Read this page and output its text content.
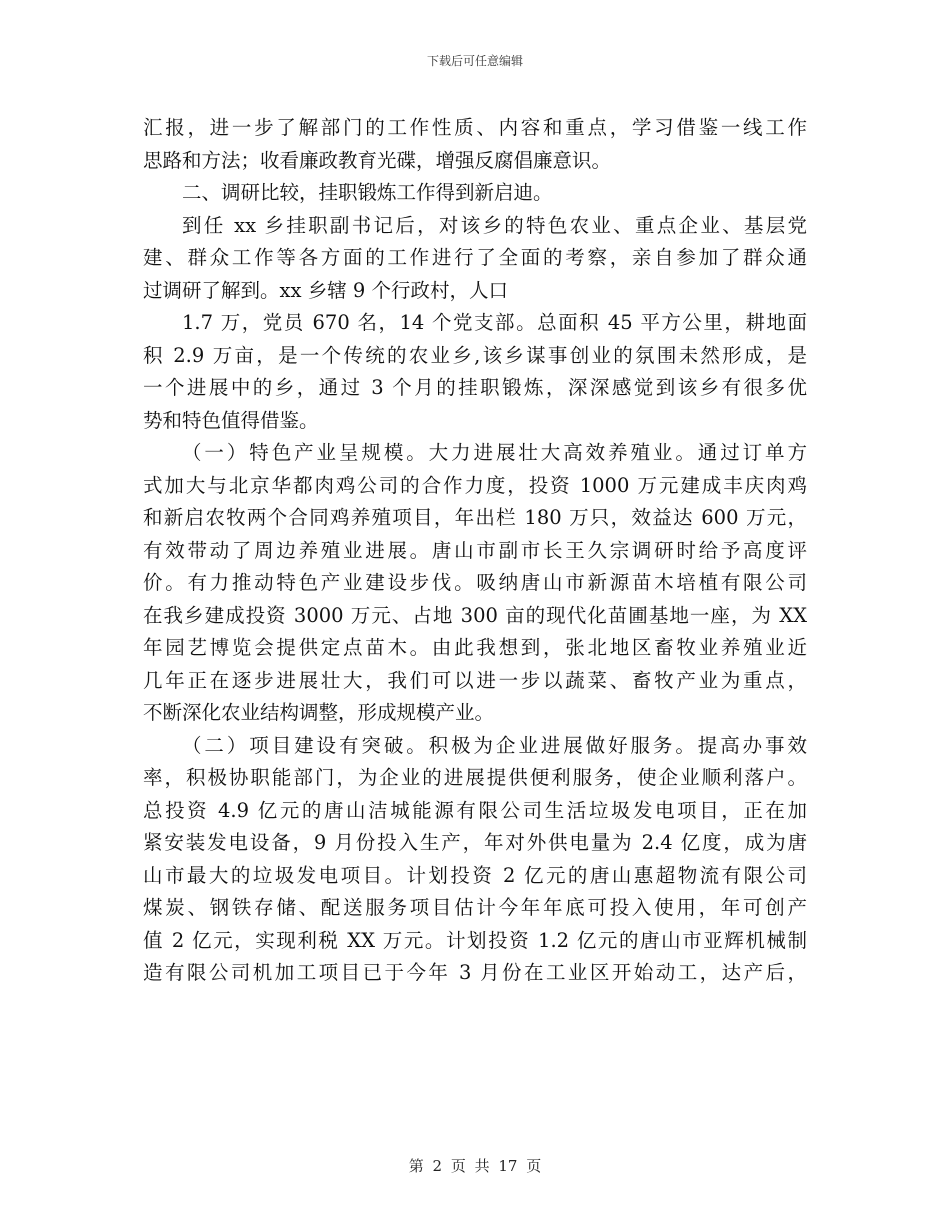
下载后可任意编辑
汇报，进一步了解部门的工作性质、内容和重点，学习借鉴一线工作
思路和方法；收看廉政教育光碟，增强反腐倡廉意识。
二、调研比较，挂职锻炼工作得到新启迪。
到任 xx 乡挂职副书记后，对该乡的特色农业、重点企业、基层党
建、群众工作等各方面的工作进行了全面的考察，亲自参加了群众通
过调研了解到。xx 乡辖 9 个行政村，人口
1.7 万，党员 670 名，14 个党支部。总面积 45 平方公里，耕地面
积 2.9 万亩，是一个传统的农业乡,该乡谋事创业的氛围未然形成，是
一个进展中的乡，通过 3 个月的挂职锻炼，深深感觉到该乡有很多优
势和特色值得借鉴。
（一）特色产业呈规模。大力进展壮大高效养殖业。通过订单方
式加大与北京华都肉鸡公司的合作力度，投资 1000 万元建成丰庆肉鸡
和新启农牧两个合同鸡养殖项目，年出栏 180 万只，效益达 600 万元，
有效带动了周边养殖业进展。唐山市副市长王久宗调研时给予高度评
价。有力推动特色产业建设步伐。吸纳唐山市新源苗木培植有限公司
在我乡建成投资 3000 万元、占地 300 亩的现代化苗圃基地一座，为 XX
年园艺博览会提供定点苗木。由此我想到，张北地区畜牧业养殖业近
几年正在逐步进展壮大，我们可以进一步以蔬菜、畜牧产业为重点，
不断深化农业结构调整，形成规模产业。
（二）项目建设有突破。积极为企业进展做好服务。提高办事效
率，积极协职能部门，为企业的进展提供便利服务，使企业顺利落户。
总投资 4.9 亿元的唐山洁城能源有限公司生活垃圾发电项目，正在加
紧安装发电设备，9 月份投入生产，年对外供电量为 2.4 亿度，成为唐
山市最大的垃圾发电项目。计划投资 2 亿元的唐山惠超物流有限公司
煤炭、钢铁存储、配送服务项目估计今年年底可投入使用，年可创产
值 2 亿元，实现利税 XX 万元。计划投资 1.2 亿元的唐山市亚辉机械制
造有限公司机加工项目已于今年 3 月份在工业区开始动工，达产后，
第 2 页 共 17 页
